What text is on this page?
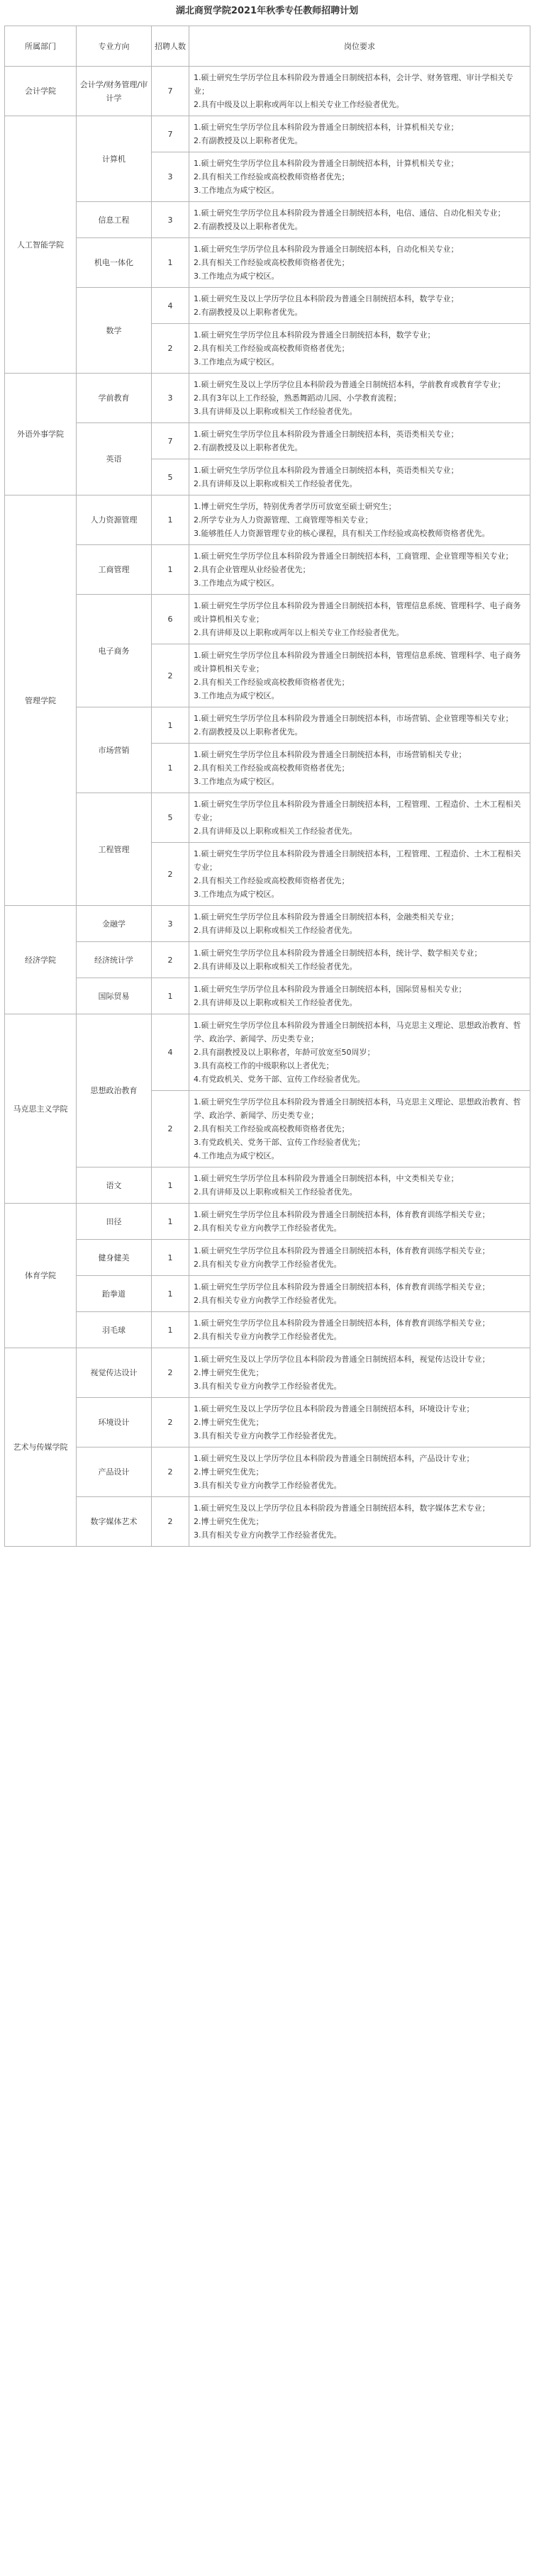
湖北商贸学院2021年秋季专任教师招聘计划
所属部门	专业方向	招聘人数	岗位要求
会计学院	会计学/财务管理/审计学	7	1.硕士研究生学历学位且本科阶段为普通全日制统招本科，会计学、财务管理、审计学相关专业；
2.具有中级及以上职称或两年以上相关专业工作经验者优先。

人工智能学院	计算机	7	1.硕士研究生学历学位且本科阶段为普通全日制统招本科，计算机相关专业；
2.有副教授及以上职称者优先。

		3	1.硕士研究生学历学位且本科阶段为普通全日制统招本科，计算机相关专业；
2.具有相关工作经验或高校教师资格者优先；
3.工作地点为咸宁校区。

	信息工程	3	1.硕士研究生学历学位且本科阶段为普通全日制统招本科，电信、通信、自动化相关专业；
2.有副教授及以上职称者优先。

	机电一体化	1	1.硕士研究生学历学位且本科阶段为普通全日制统招本科，自动化相关专业；
2.具有相关工作经验或高校教师资格者优先；
3.工作地点为咸宁校区。

	数学	4	1.硕士研究生及以上学历学位且本科阶段为普通全日制统招本科，数学专业；
2.有副教授及以上职称者优先。

		2	1.硕士研究生学历学位且本科阶段为普通全日制统招本科，数学专业；
2.具有相关工作经验或高校教师资格者优先；
3.工作地点为咸宁校区。

外语外事学院	学前教育	3	1.硕士研究生及以上学历学位且本科阶段为普通全日制统招本科，学前教育或教育学专业；
2.具有3年以上工作经验，熟悉舞蹈动儿园、小学教育流程；
3.具有讲师及以上职称或相关工作经验者优先。

	英语	7	1.硕士研究生学历学位且本科阶段为普通全日制统招本科，英语类相关专业；
2.有副教授及以上职称者优先。

		5	1.硕士研究生学历学位且本科阶段为普通全日制统招本科，英语类相关专业；
2.具有讲师及以上职称或相关工作经验者优先。

管理学院	人力资源管理	1	1.博士研究生学历，特别优秀者学历可放宽至硕士研究生；
2.所学专业为人力资源管理、工商管理等相关专业；
3.能够胜任人力资源管理专业的核心课程，具有相关工作经验或高校教师资格者优先。

	工商管理	1	1.硕士研究生学历学位且本科阶段为普通全日制统招本科，工商管理、企业管理等相关专业；
2.具有企业管理从业经验者优先；
3.工作地点为咸宁校区。

	电子商务	6	1.硕士研究生学历学位且本科阶段为普通全日制统招本科，管理信息系统、管理科学、电子商务或计算机相关专业；
2.具有讲师及以上职称或两年以上相关专业工作经验者优先。

		2	1.硕士研究生学历学位且本科阶段为普通全日制统招本科，管理信息系统、管理科学、电子商务或计算机相关专业；
2.具有相关工作经验或高校教师资格者优先；
3.工作地点为咸宁校区。

	市场营销	1	1.硕士研究生学历学位且本科阶段为普通全日制统招本科，市场营销、企业管理等相关专业；
2.有副教授及以上职称者优先。

		1	1.硕士研究生学历学位且本科阶段为普通全日制统招本科，市场营销相关专业；
2.具有相关工作经验或高校教师资格者优先；
3.工作地点为咸宁校区。

	工程管理	5	1.硕士研究生学历学位且本科阶段为普通全日制统招本科，工程管理、工程造价、土木工程相关专业；
2.具有讲师及以上职称或相关工作经验者优先。

		2	1.硕士研究生学历学位且本科阶段为普通全日制统招本科，工程管理、工程造价、土木工程相关专业；
2.具有相关工作经验或高校教师资格者优先；
3.工作地点为咸宁校区。

经济学院	金融学	3	1.硕士研究生学历学位且本科阶段为普通全日制统招本科，金融类相关专业；
2.具有讲师及以上职称或相关工作经验者优先。

	经济统计学	2	1.硕士研究生学历学位且本科阶段为普通全日制统招本科，统计学、数学相关专业；
2.具有讲师及以上职称或相关工作经验者优先。

	国际贸易	1	1.硕士研究生学历学位且本科阶段为普通全日制统招本科，国际贸易相关专业；
2.具有讲师及以上职称或相关工作经验者优先。

马克思主义学院	思想政治教育	4	1.硕士研究生学历学位且本科阶段为普通全日制统招本科，马克思主义理论、思想政治教育、哲学、政治学、新闻学、历史类专业；
2.具有副教授及以上职称者，年龄可放宽至50周岁；
3.具有高校工作的中级职称以上者优先；
4.有党政机关、党务干部、宣传工作经验者优先。

		2	1.硕士研究生学历学位且本科阶段为普通全日制统招本科，马克思主义理论、思想政治教育、哲学、政治学、新闻学、历史类专业；
2.具有相关工作经验或高校教师资格者优先；
3.有党政机关、党务干部、宣传工作经验者优先；
4.工作地点为咸宁校区。

	语文	1	1.硕士研究生学历学位且本科阶段为普通全日制统招本科，中文类相关专业；
2.具有讲师及以上职称或相关工作经验者优先。

体育学院	田径	1	1.硕士研究生学历学位且本科阶段为普通全日制统招本科，体育教育训练学相关专业；
2.具有相关专业方向教学工作经验者优先。

	健身健美	1	1.硕士研究生学历学位且本科阶段为普通全日制统招本科，体育教育训练学相关专业；
2.具有相关专业方向教学工作经验者优先。

	跆拳道	1	1.硕士研究生学历学位且本科阶段为普通全日制统招本科，体育教育训练学相关专业；
2.具有相关专业方向教学工作经验者优先。

	羽毛球	1	1.硕士研究生学历学位且本科阶段为普通全日制统招本科，体育教育训练学相关专业；
2.具有相关专业方向教学工作经验者优先。

艺术与传媒学院	视觉传达设计	2	1.硕士研究生及以上学历学位且本科阶段为普通全日制统招本科，视觉传达设计专业；
2.博士研究生优先；
3.具有相关专业方向教学工作经验者优先。

	环境设计	2	1.硕士研究生及以上学历学位且本科阶段为普通全日制统招本科，环境设计专业；
2.博士研究生优先；
3.具有相关专业方向教学工作经验者优先。

	产品设计	2	1.硕士研究生及以上学历学位且本科阶段为普通全日制统招本科，产品设计专业；
2.博士研究生优先；
3.具有相关专业方向教学工作经验者优先。

	数字媒体艺术	2	1.硕士研究生及以上学历学位且本科阶段为普通全日制统招本科，数字媒体艺术专业；
2.博士研究生优先；
3.具有相关专业方向教学工作经验者优先。
